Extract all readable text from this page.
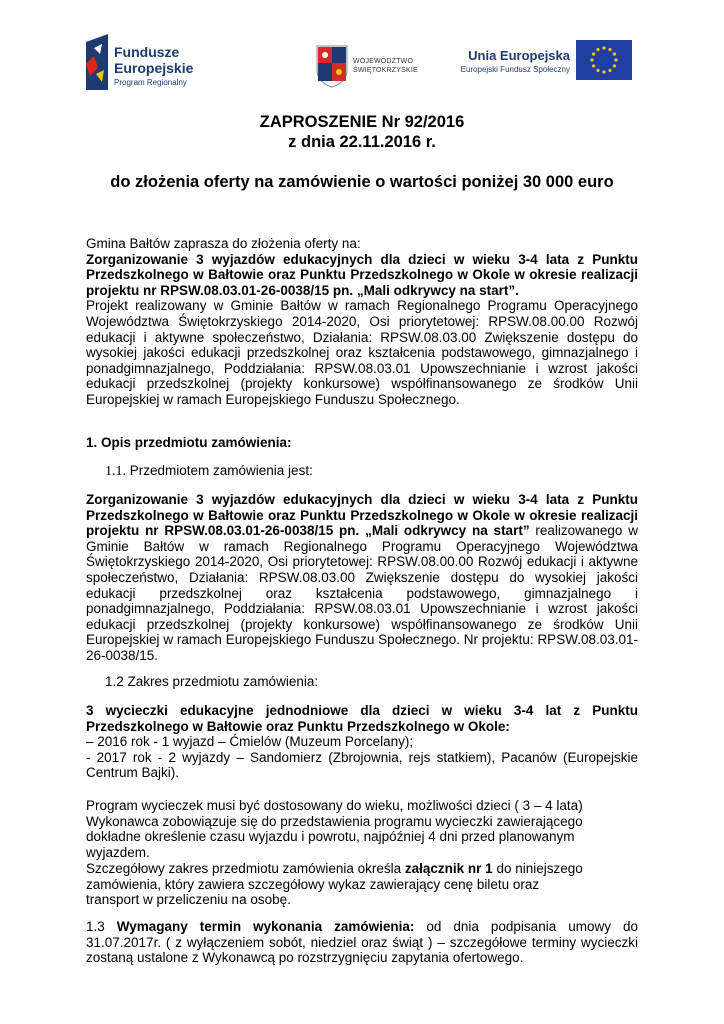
Fundusze
Europejskie
Program Regionalny
WOJEWÓDZTWO
ŚWIĘTOKRZYSKIE
Unia Europejska
Europejski Fundusz Społeczny
ZAPROSZENIE Nr 92/2016
z dnia 22.11.2016 r.
do złożenia oferty na zamówienie o wartości poniżej 30 000 euro

Gmina Bałtów zaprasza do złożenia oferty na:

Zorganizowanie 3 wyjazdów edukacyjnych dla dzieci w wieku 3-4 lata z Punktu Przedszkolnego w Bałtowie oraz Punktu Przedszkolnego w Okole w okresie realizacji projektu nr RPSW.08.03.01-26-0038/15 pn. „Mali odkrywcy na start”.

Projekt realizowany w Gminie Bałtów w ramach Regionalnego Programu Operacyjnego Województwa Świętokrzyskiego 2014-2020, Osi priorytetowej: RPSW.08.00.00 Rozwój edukacji i aktywne społeczeństwo, Działania: RPSW.08.03.00 Zwiększenie dostępu do wysokiej jakości edukacji przedszkolnej oraz kształcenia podstawowego, gimnazjalnego i ponadgimnazjalnego, Poddziałania: RPSW.08.03.01 Upowszechnianie i wzrost jakości edukacji przedszkolnej (projekty konkursowe) współfinansowanego ze środków Unii Europejskiej w ramach Europejskiego Funduszu Społecznego.

1. Opis przedmiotu zamówienia:
1.1. Przedmiotem zamówienia jest:
Zorganizowanie 3 wyjazdów edukacyjnych dla dzieci w wieku 3-4 lata z Punktu Przedszkolnego w Bałtowie oraz Punktu Przedszkolnego w Okole w okresie realizacji projektu nr RPSW.08.03.01-26-0038/15 pn. „Mali odkrywcy na start” realizowanego w Gminie Bałtów w ramach Regionalnego Programu Operacyjnego Województwa Świętokrzyskiego 2014-2020, Osi priorytetowej: RPSW.08.00.00 Rozwój edukacji i aktywne społeczeństwo, Działania: RPSW.08.03.00 Zwiększenie dostępu do wysokiej jakości edukacji przedszkolnej oraz kształcenia podstawowego, gimnazjalnego i ponadgimnazjalnego, Poddziałania: RPSW.08.03.01 Upowszechnianie i wzrost jakości edukacji przedszkolnej (projekty konkursowe) współfinansowanego ze środków Unii Europejskiej w ramach Europejskiego Funduszu Społecznego. Nr projektu: RPSW.08.03.01-26-0038/15.
1.2 Zakres przedmiotu zamówienia:

3 wycieczki edukacyjne jednodniowe dla dzieci w wieku 3-4 lat z Punktu Przedszkolnego w Bałtowie oraz Punktu Przedszkolnego w Okole:

– 2016 rok - 1 wyjazd – Ćmielów (Muzeum Porcelany);

- 2017 rok - 2 wyjazdy – Sandomierz (Zbrojownia, rejs statkiem), Pacanów (Europejskie Centrum Bajki).

Program wycieczek musi być dostosowany do wieku, możliwości dzieci ( 3 – 4 lata)

Wykonawca zobowiązuje się do przedstawienia programu wycieczki zawierającego dokładne określenie czasu wyjazdu i powrotu, najpóźniej 4 dni przed planowanym wyjazdem.

Szczegółowy zakres przedmiotu zamówienia określa załącznik nr 1 do niniejszego zamówienia, który zawiera szczegółowy wykaz zawierający cenę biletu oraz transport w przeliczeniu na osobę.
1.3 Wymagany termin wykonania zamówienia: od dnia podpisania umowy do 31.07.2017r. ( z wyłączeniem sobót, niedziel oraz świąt ) – szczegółowe terminy wycieczki zostaną ustalone z Wykonawcą po rozstrzygnięciu zapytania ofertowego.
